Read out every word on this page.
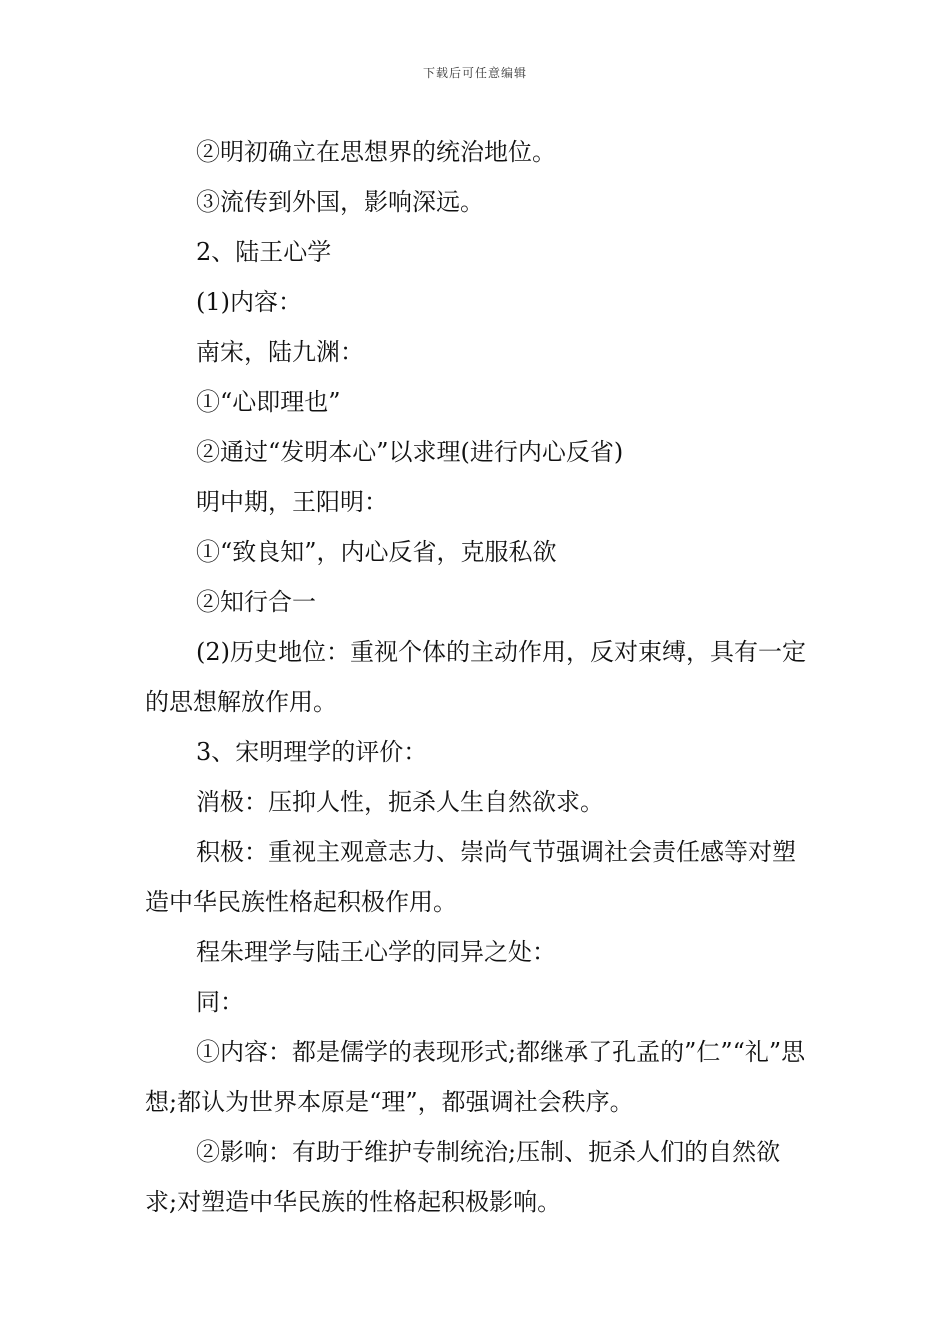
下载后可任意编辑

②明初确立在思想界的统治地位。

③流传到外国，影响深远。

2、陆王心学

(1)内容：

南宋，陆九渊：

①“心即理也”

②通过“发明本心”以求理(进行内心反省)

明中期，王阳明：

①“致良知”，内心反省，克服私欲

②知行合一

(2)历史地位：重视个体的主动作用，反对束缚，具有一定的思想解放作用。

3、宋明理学的评价：

消极：压抑人性，扼杀人生自然欲求。

积极：重视主观意志力、崇尚气节强调社会责任感等对塑造中华民族性格起积极作用。

程朱理学与陆王心学的同异之处：

同：

①内容：都是儒学的表现形式;都继承了孔孟的”仁”“礼”思想;都认为世界本原是“理”，都强调社会秩序。

②影响：有助于维护专制统治;压制、扼杀人们的自然欲求;对塑造中华民族的性格起积极影响。
